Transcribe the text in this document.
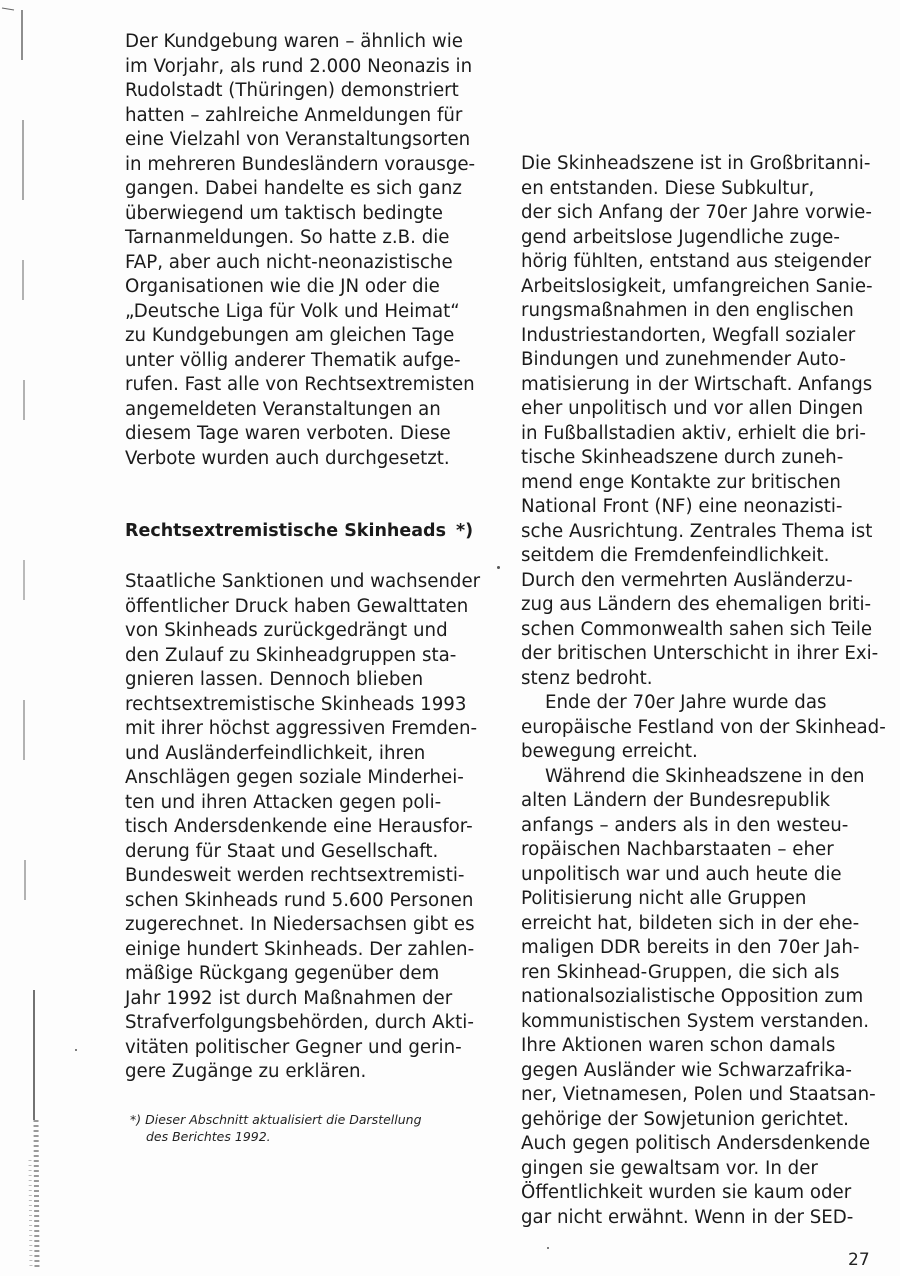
Der Kundgebung waren – ähnlich wie
im Vorjahr, als rund 2.000 Neonazis in
Rudolstadt (Thüringen) demonstriert
hatten – zahlreiche Anmeldungen für
eine Vielzahl von Veranstaltungsorten
in mehreren Bundesländern vorausge-
gangen. Dabei handelte es sich ganz
überwiegend um taktisch bedingte
Tarnanmeldungen. So hatte z.B. die
FAP, aber auch nicht-neonazistische
Organisationen wie die JN oder die
„Deutsche Liga für Volk und Heimat“
zu Kundgebungen am gleichen Tage
unter völlig anderer Thematik aufge-
rufen. Fast alle von Rechtsextremisten
angemeldeten Veranstaltungen an
diesem Tage waren verboten. Diese
Verbote wurden auch durchgesetzt.
Rechtsextremistische Skinheads *)
Staatliche Sanktionen und wachsender
öffentlicher Druck haben Gewalttaten
von Skinheads zurückgedrängt und
den Zulauf zu Skinheadgruppen sta-
gnieren lassen. Dennoch blieben
rechtsextremistische Skinheads 1993
mit ihrer höchst aggressiven Fremden-
und Ausländerfeindlichkeit, ihren
Anschlägen gegen soziale Minderhei-
ten und ihren Attacken gegen poli-
tisch Andersdenkende eine Herausfor-
derung für Staat und Gesellschaft.
Bundesweit werden rechtsextremisti-
schen Skinheads rund 5.600 Personen
zugerechnet. In Niedersachsen gibt es
einige hundert Skinheads. Der zahlen-
mäßige Rückgang gegenüber dem
Jahr 1992 ist durch Maßnahmen der
Strafverfolgungsbehörden, durch Akti-
vitäten politischer Gegner und gerin-
gere Zugänge zu erklären.
*) Dieser Abschnitt aktualisiert die Darstellung
des Berichtes 1992.
Die Skinheadszene ist in Großbritanni-
en entstanden. Diese Subkultur,
der sich Anfang der 70er Jahre vorwie-
gend arbeitslose Jugendliche zuge-
hörig fühlten, entstand aus steigender
Arbeitslosigkeit, umfangreichen Sanie-
rungsmaßnahmen in den englischen
Industriestandorten, Wegfall sozialer
Bindungen und zunehmender Auto-
matisierung in der Wirtschaft. Anfangs
eher unpolitisch und vor allen Dingen
in Fußballstadien aktiv, erhielt die bri-
tische Skinheadszene durch zuneh-
mend enge Kontakte zur britischen
National Front (NF) eine neonazisti-
sche Ausrichtung. Zentrales Thema ist
seitdem die Fremdenfeindlichkeit.
Durch den vermehrten Ausländerzu-
zug aus Ländern des ehemaligen briti-
schen Commonwealth sahen sich Teile
der britischen Unterschicht in ihrer Exi-
stenz bedroht.
Ende der 70er Jahre wurde das
europäische Festland von der Skinhead-
bewegung erreicht.
Während die Skinheadszene in den
alten Ländern der Bundesrepublik
anfangs – anders als in den westeu-
ropäischen Nachbarstaaten – eher
unpolitisch war und auch heute die
Politisierung nicht alle Gruppen
erreicht hat, bildeten sich in der ehe-
maligen DDR bereits in den 70er Jah-
ren Skinhead-Gruppen, die sich als
nationalsozialistische Opposition zum
kommunistischen System verstanden.
Ihre Aktionen waren schon damals
gegen Ausländer wie Schwarzafrika-
ner, Vietnamesen, Polen und Staatsan-
gehörige der Sowjetunion gerichtet.
Auch gegen politisch Andersdenkende
gingen sie gewaltsam vor. In der
Öffentlichkeit wurden sie kaum oder
gar nicht erwähnt. Wenn in der SED-
27
